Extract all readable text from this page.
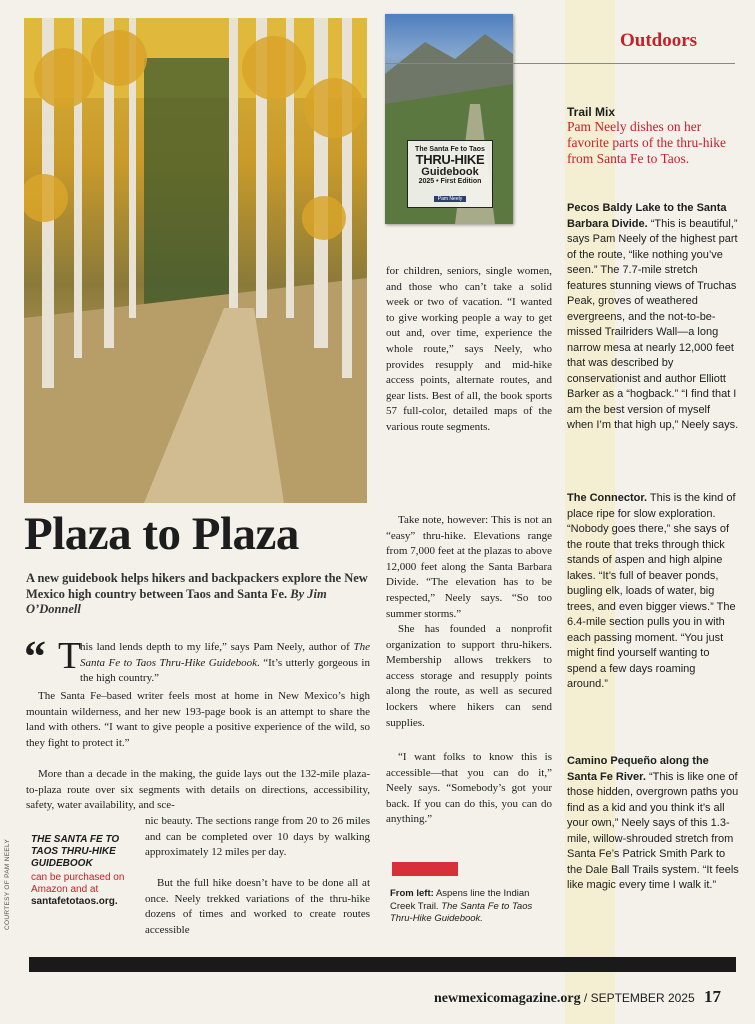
The Santa Fe to Taos
THRU-HIKE
Guidebook
2025 • First Edition
Pam Neely
Outdoors
Trail Mix
Pam Neely dishes on her favorite parts of the thru-hike from Santa Fe to Taos.
Pecos Baldy Lake to the Santa Barbara Divide. “This is beautiful,” says Pam Neely of the highest part of the route, “like nothing you’ve seen.” The 7.7-mile stretch features stunning views of Truchas Peak, groves of weathered evergreens, and the not-to-be-missed Trailriders Wall—a long narrow mesa at nearly 12,000 feet that was described by conservationist and author Elliott Barker as a “hogback.” “I find that I am the best version of myself when I’m that high up,” Neely says.
The Connector. This is the kind of place ripe for slow exploration. “Nobody goes there,” she says of the route that treks through thick stands of aspen and high alpine lakes. “It’s full of beaver ponds, bugling elk, loads of water, big trees, and even bigger views.” The 6.4-mile section pulls you in with each passing moment. “You just might find yourself wanting to spend a few days roaming around.”
Camino Pequeño along the Santa Fe River. “This is like one of those hidden, overgrown paths you find as a kid and you think it’s all your own,” Neely says of this 1.3-mile, willow-shrouded stretch from Santa Fe’s Patrick Smith Park to the Dale Ball Trails system. “It feels like magic every time I walk it.”
Plaza to Plaza
A new guidebook helps hikers and backpackers explore the New Mexico high country between Taos and Santa Fe. By Jim O’Donnell
“ T
his land lends depth to my life,” says Pam Neely, author of The Santa Fe to Taos Thru-Hike Guidebook. “It’s utterly gorgeous in the high country.”
The Santa Fe–based writer feels most at home in New Mexico’s high mountain wilderness, and her new 193-page book is an attempt to share the land with others. “I want to give people a positive experience of the wild, so they fight to protect it.”
More than a decade in the making, the guide lays out the 132-mile plaza-to-plaza route over six segments with details on directions, accessibility, safety, water availability, and sce-
nic beauty. The sections range from 20 to 26 miles and can be completed over 10 days by walking approximately 12 miles per day.
But the full hike doesn’t have to be done all at once. Neely trekked variations of the thru-hike dozens of times and worked to create routes accessible
COURTESY OF PAM NEELY THE SANTA FE TO TAOS THRU-HIKE GUIDEBOOK
can be purchased on Amazon and at
santafetotaos.org.
for children, seniors, single women, and those who can’t take a solid week or two of vacation. “I wanted to give working people a way to get out and, over time, experience the whole route,” says Neely, who provides resupply and mid-hike access points, alternate routes, and gear lists. Best of all, the book sports 57 full-color, detailed maps of the various route segments.
Take note, however: This is not an “easy” thru-hike. Elevations range from 7,000 feet at the plazas to above 12,000 feet along the Santa Barbara Divide. “The elevation has to be respected,” Neely says. “So too summer storms.”
She has founded a nonprofit organization to support thru-hikers. Membership allows trekkers to access storage and resupply points along the route, as well as secured lockers where hikers can send supplies.
“I want folks to know this is accessible—that you can do it,” Neely says. “Somebody’s got your back. If you can do this, you can do anything.”
From left: Aspens line the Indian Creek Trail. The Santa Fe to Taos Thru-Hike Guidebook.
newmexicomagazine.org / SEPTEMBER 2025 17
